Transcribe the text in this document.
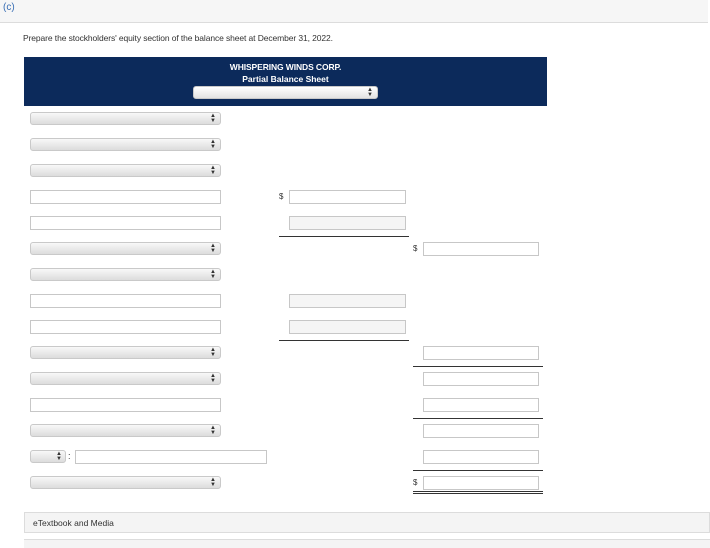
(c)
Prepare the stockholders' equity section of the balance sheet at December 31, 2022.
WHISPERING WINDS CORP.
Partial Balance Sheet
▲
▼
▲
▼
▲
▼
▲
▼
$
▲
▼	$
▲
▼
▲
▼
▲
▼
▲
▼
▲
▼ :
▲
▼	$
eTextbook and Media
